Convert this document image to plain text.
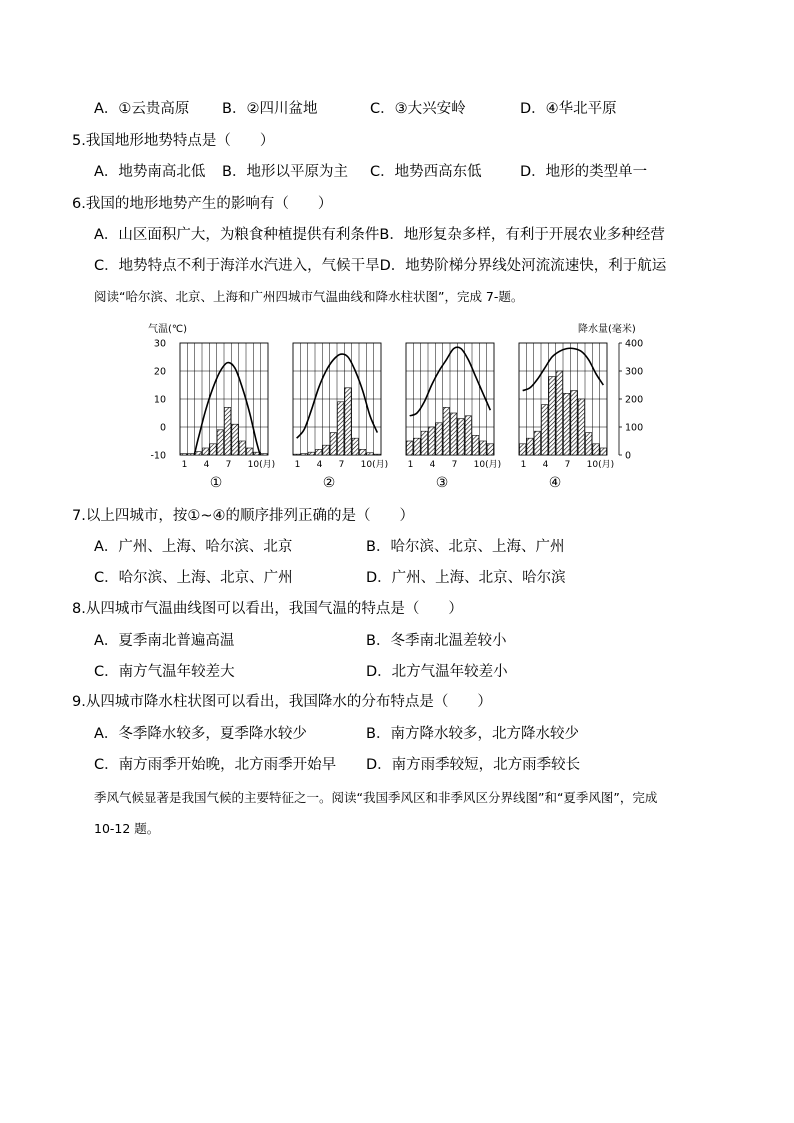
A．①云贵高原 B．②四川盆地	C．③大兴安岭	D．④华北平原
5.我国地形地势特点是（　　）
A．地势南高北低 B．地形以平原为主 C．地势西高东低	D．地形的类型单一
6.我国的地形地势产生的影响有（　　）
A．山区面积广大，为粮食种植提供有利条件B．地形复杂多样，有利于开展农业多种经营
C．地势特点不利于海洋水汽进入，气候干旱D．地势阶梯分界线处河流流速快，利于航运
阅读“哈尔滨、北京、上海和广州四城市气温曲线和降水柱状图”，完成 7-题。
气温(℃)	降水量(毫米)
30
20
10
0
-10
400
300
200
100
0
1 4 7 10(月)
①
1 4 7 10(月)
②
1 4 7 10(月)
③
1 4 7 10(月)
④
7.以上四城市，按①~④的顺序排列正确的是（　　）
A．广州、上海、哈尔滨、北京	B．哈尔滨、北京、上海、广州
C．哈尔滨、上海、北京、广州	D．广州、上海、北京、哈尔滨
8.从四城市气温曲线图可以看出，我国气温的特点是（　　）
A．夏季南北普遍高温	B．冬季南北温差较小
C．南方气温年较差大	D．北方气温年较差小
9.从四城市降水柱状图可以看出，我国降水的分布特点是（　　）
A．冬季降水较多，夏季降水较少	B．南方降水较多，北方降水较少
C．南方雨季开始晚，北方雨季开始早 D．南方雨季较短，北方雨季较长
季风气候显著是我国气候的主要特征之一。阅读“我国季风区和非季风区分界线图”和“夏季风图”，完成
10-12 题。
